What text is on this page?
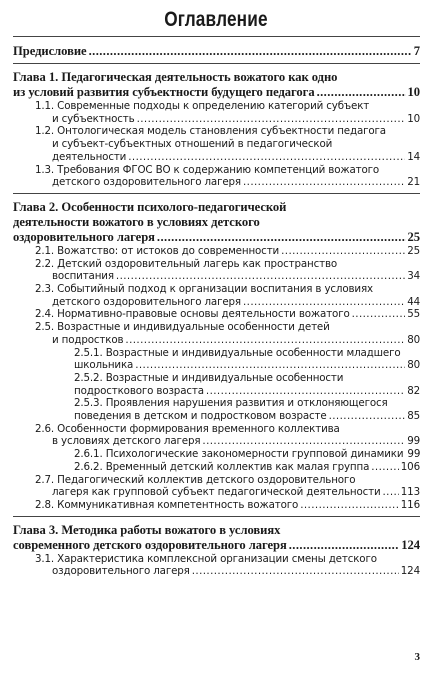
Оглавление
Предисловие .....	7
Глава 1. Педагогическая деятельность вожатого как одно
из условий развития субъектности будущего педагога .....	10
1.1. Современные подходы к определению категорий субъект
и субъектность .....	10
1.2. Онтологическая модель становления субъектности педагога
и субъект-субъектных отношений в педагогической
деятельности .....	14
1.3. Требования ФГОС ВО к содержанию компетенций вожатого
детского оздоровительного лагеря .....	21
Глава 2. Особенности психолого-педагогической
деятельности вожатого в условиях детского
оздоровительного лагеря .....	25
2.1. Вожатство: от истоков до современности .....	25
2.2. Детский оздоровительный лагерь как пространство
воспитания .....	34
2.3. Событийный подход к организации воспитания в условиях
детского оздоровительного лагеря .....	44
2.4. Нормативно-правовые основы деятельности вожатого .....	55
2.5. Возрастные и индивидуальные особенности детей
и подростков .....	80
2.5.1. Возрастные и индивидуальные особенности младшего
школьника .....	80
2.5.2. Возрастные и индивидуальные особенности
подросткового возраста .....	82
2.5.3. Проявления нарушения развития и отклоняющегося
поведения в детском и подростковом возрасте .....	85
2.6. Особенности формирования временного коллектива
в условиях детского лагеря .....	99
2.6.1. Психологические закономерности групповой динамики 99
2.6.2. Временный детский коллектив как малая группа .....	106
2.7. Педагогический коллектив детского оздоровительного
лагеря как групповой субъект педагогической деятельности ..... 113
2.8. Коммуникативная компетентность вожатого .....	116
Глава 3. Методика работы вожатого в условиях
современного детского оздоровительного лагеря .....	124
3.1. Характеристика комплексной организации смены детского
оздоровительного лагеря .....	124
3
